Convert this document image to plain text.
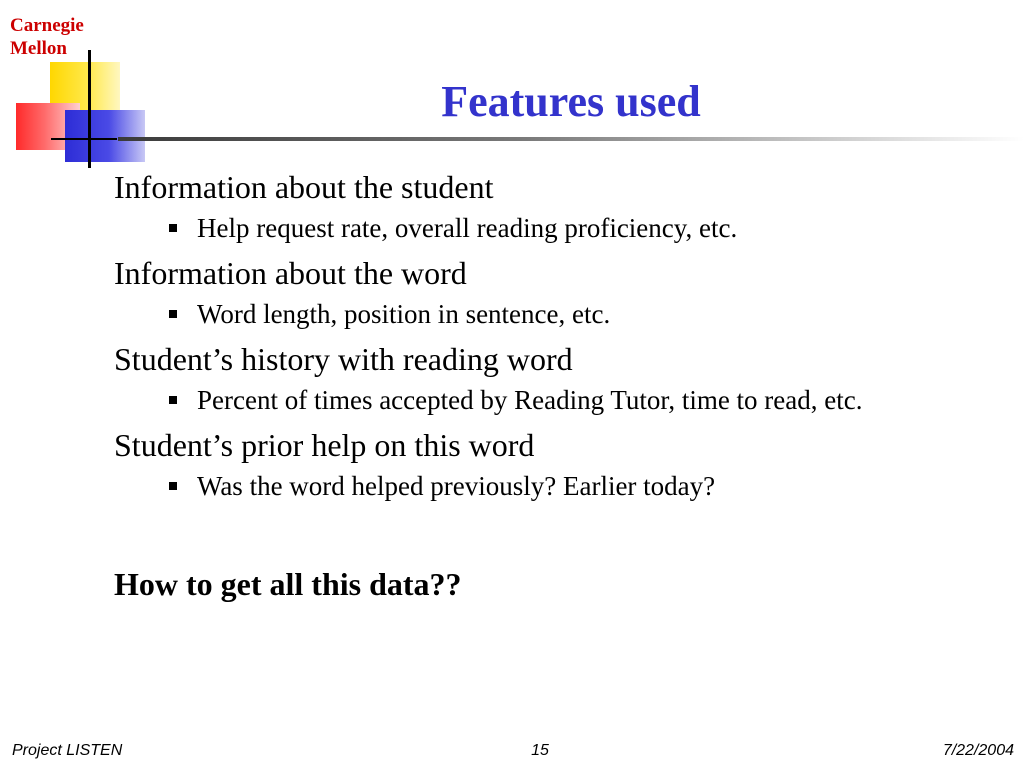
Carnegie
Mellon
Features used

Information about the student

Help request rate, overall reading proficiency, etc.

Information about the word

Word length, position in sentence, etc.

Student’s history with reading word

Percent of times accepted by Reading Tutor, time to read, etc.

Student’s prior help on this word

Was the word helped previously? Earlier today?

How to get all this data??

Project LISTEN	15	7/22/2004
